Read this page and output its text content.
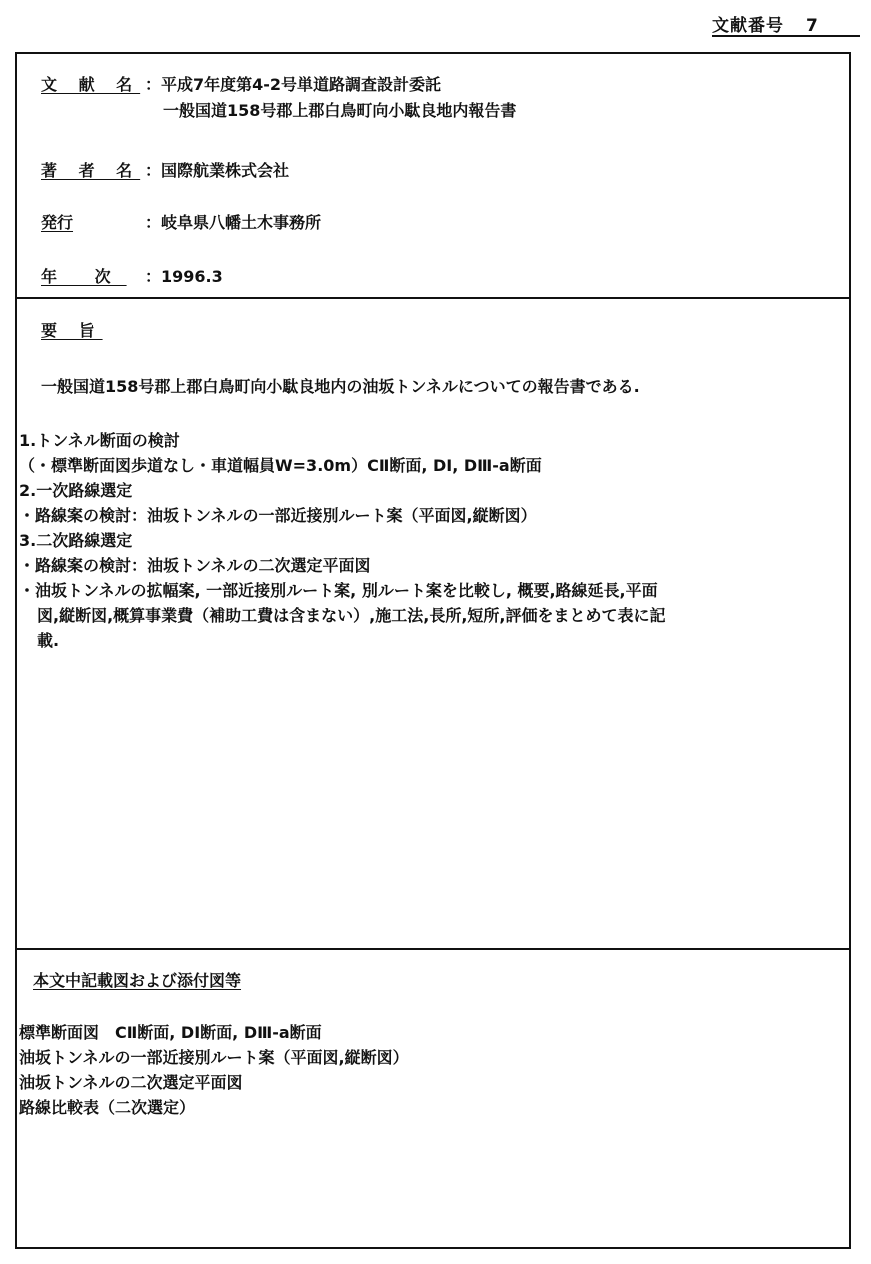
文献番号 7
文 献 名 ：平成7年度第4-2号単道路調査設計委託
一般国道158号郡上郡白鳥町向小駄良地内報告書
著 者 名 ：国際航業株式会社
発行	：岐阜県八幡土木事務所
年 次 ：1996.3
要 旨
一般国道158号郡上郡白鳥町向小駄良地内の油坂トンネルについての報告書である.
1.トンネル断面の検討
（・標準断面図歩道なし・車道幅員W=3.0m）CⅡ断面, DⅠ, DⅢ-a断面
2.一次路線選定
・路線案の検討：油坂トンネルの一部近接別ルート案（平面図,縦断図）
3.二次路線選定
・路線案の検討：油坂トンネルの二次選定平面図
・油坂トンネルの拡幅案, 一部近接別ルート案, 別ルート案を比較し, 概要,路線延長,平面
図,縦断図,概算事業費（補助工費は含まない）,施工法,長所,短所,評価をまとめて表に記
載.
本文中記載図および添付図等
標準断面図　CⅡ断面, DⅠ断面, DⅢ-a断面
油坂トンネルの一部近接別ルート案（平面図,縦断図）
油坂トンネルの二次選定平面図
路線比較表（二次選定）
